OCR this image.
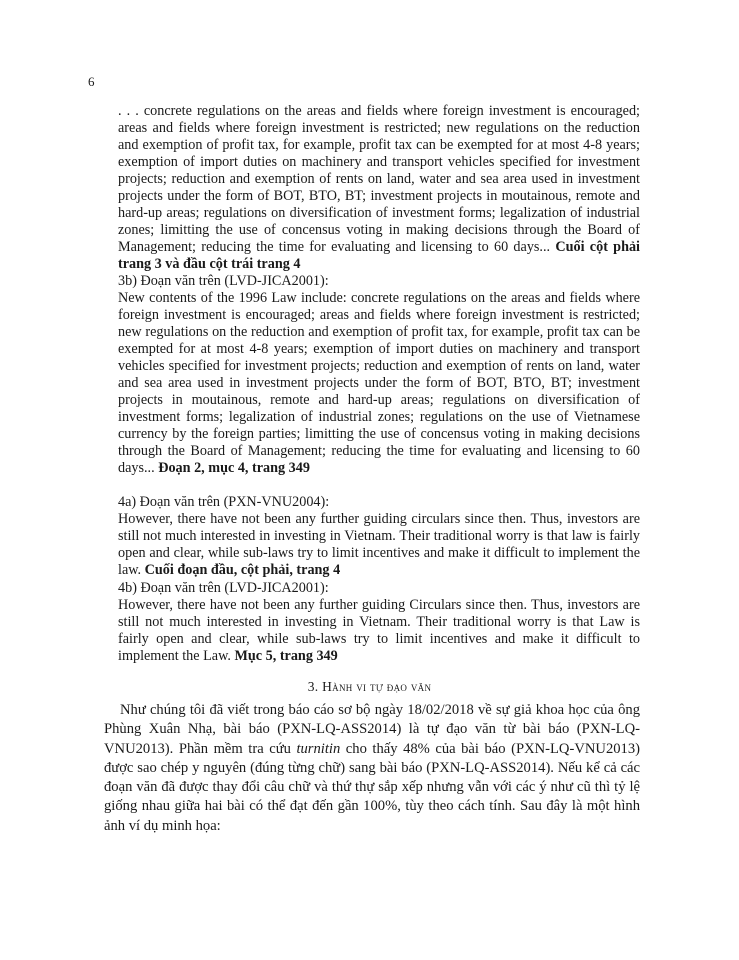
6
. . . concrete regulations on the areas and fields where foreign investment is encouraged; areas and fields where foreign investment is restricted; new regulations on the reduction and exemption of profit tax, for example, profit tax can be exempted for at most 4-8 years; exemption of import duties on machinery and transport vehicles specified for investment projects; reduction and exemption of rents on land, water and sea area used in investment projects under the form of BOT, BTO, BT; investment projects in moutainous, remote and hard-up areas; regulations on diversification of investment forms; legalization of industrial zones; limitting the use of concensus voting in making decisions through the Board of Management; reducing the time for evaluating and licensing to 60 days... Cuối cột phải trang 3 và đầu cột trái trang 4
3b) Đoạn văn trên (LVD-JICA2001):
New contents of the 1996 Law include: concrete regulations on the areas and fields where foreign investment is encouraged; areas and fields where foreign investment is restricted; new regulations on the reduction and exemption of profit tax, for example, profit tax can be exempted for at most 4-8 years; exemption of import duties on machinery and transport vehicles specified for investment projects; reduction and exemption of rents on land, water and sea area used in investment projects under the form of BOT, BTO, BT; investment projects in moutainous, remote and hard-up areas; regulations on diversification of investment forms; legalization of industrial zones; regulations on the use of Vietnamese currency by the foreign parties; limitting the use of concensus voting in making decisions through the Board of Management; reducing the time for evaluating and licensing to 60 days... Đoạn 2, mục 4, trang 349
4a) Đoạn văn trên (PXN-VNU2004):
However, there have not been any further guiding circulars since then. Thus, investors are still not much interested in investing in Vietnam. Their traditional worry is that law is fairly open and clear, while sub-laws try to limit incentives and make it difficult to implement the law. Cuối đoạn đầu, cột phải, trang 4
4b) Đoạn văn trên (LVD-JICA2001):
However, there have not been any further guiding Circulars since then. Thus, investors are still not much interested in investing in Vietnam. Their traditional worry is that Law is fairly open and clear, while sub-laws try to limit incentives and make it difficult to implement the Law. Mục 5, trang 349
3. Hành vi tự đạo văn
Như chúng tôi đã viết trong báo cáo sơ bộ ngày 18/02/2018 về sự giả khoa học của ông Phùng Xuân Nhạ, bài báo (PXN-LQ-ASS2014) là tự đạo văn từ bài báo (PXN-LQ-VNU2013). Phần mềm tra cứu turnitin cho thấy 48% của bài báo (PXN-LQ-VNU2013) được sao chép y nguyên (đúng từng chữ) sang bài báo (PXN-LQ-ASS2014). Nếu kể cả các đoạn văn đã được thay đổi câu chữ và thứ thự sắp xếp nhưng vẫn với các ý như cũ thì tỷ lệ giống nhau giữa hai bài có thể đạt đến gần 100%, tùy theo cách tính. Sau đây là một hình ảnh ví dụ minh họa:
